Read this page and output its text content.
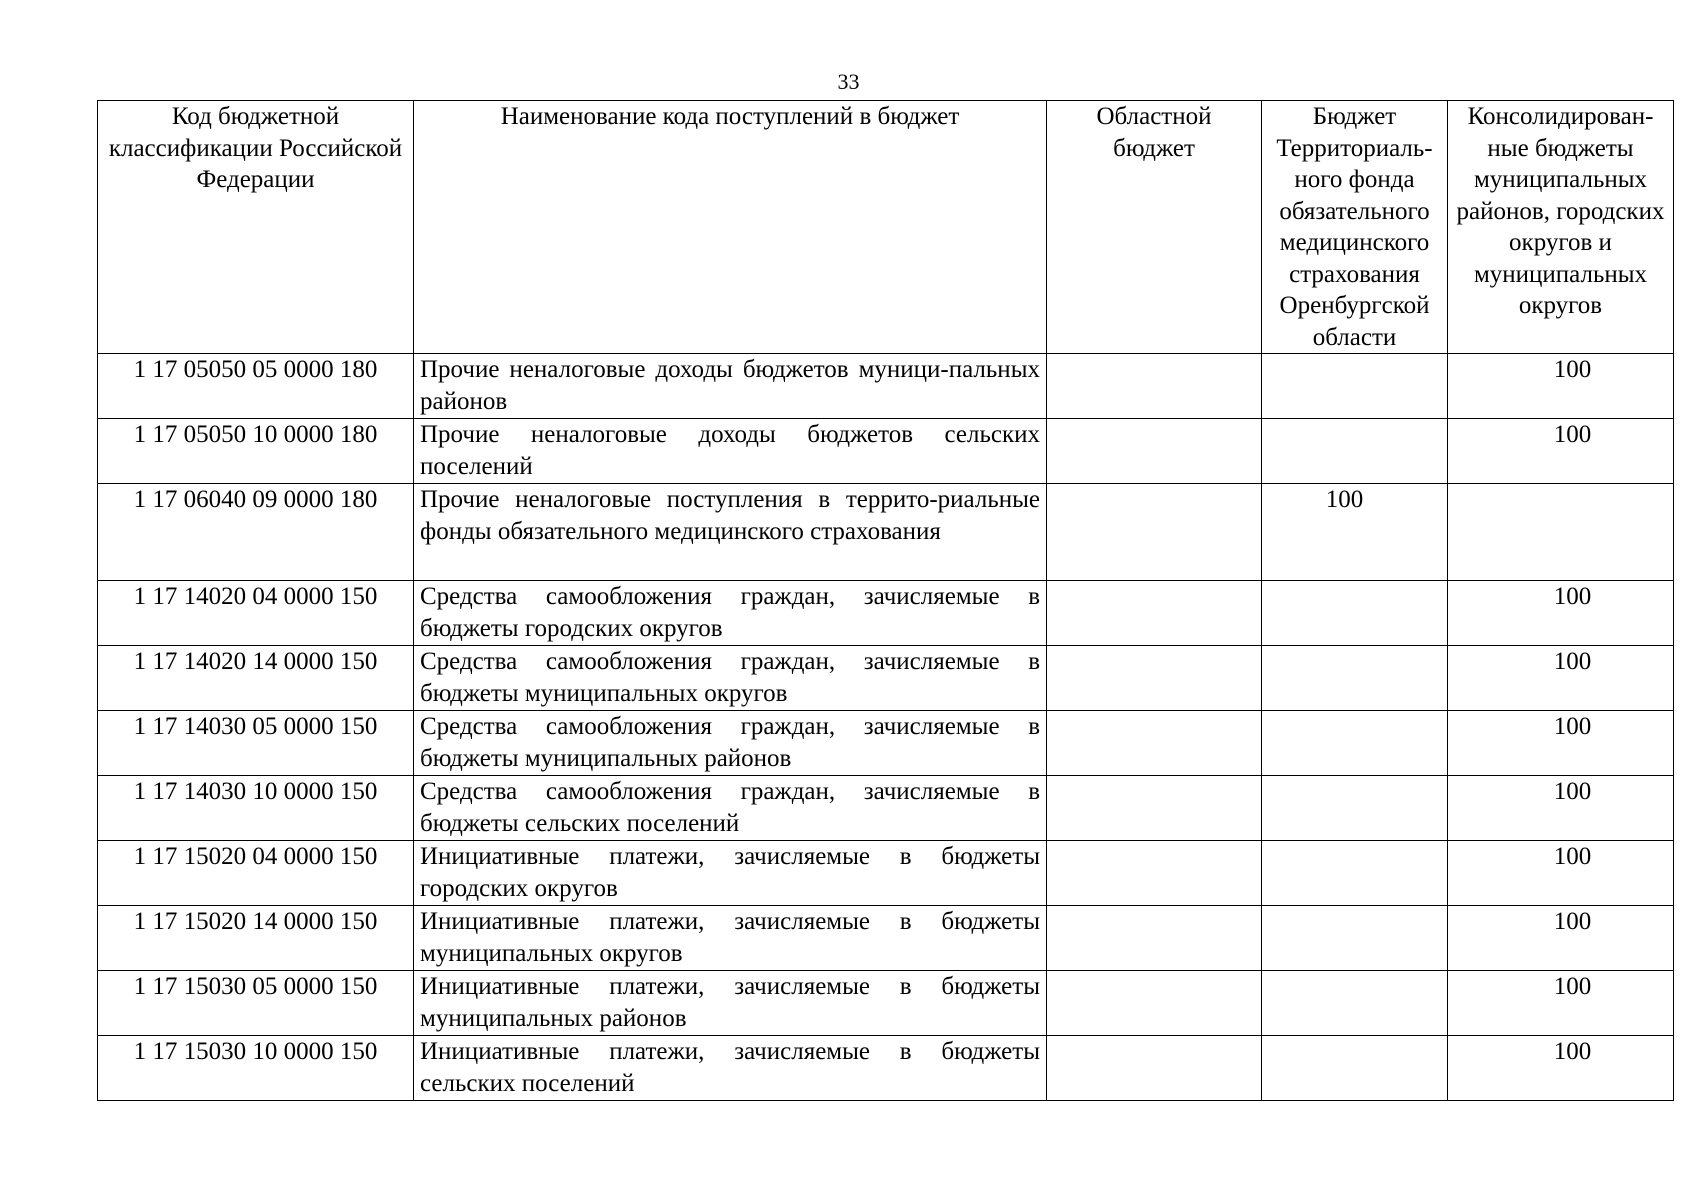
33
Код бюджетной классификации Российской Федерации	Наименование кода поступлений в бюджет	Областной бюджет	Бюджет Территориаль-ного фонда обязательного медицинского страхования Оренбургской области	Консолидирован-ные бюджеты муниципальных районов, городских округов и муниципальных округов
1 17 05050 05 0000 180	Прочие неналоговые доходы бюджетов муници-пальных районов			100

1 17 05050 10 0000 180	Прочие неналоговые доходы бюджетов сельских поселений			100

1 17 06040 09 0000 180	Прочие неналоговые поступления в террито-риальные фонды обязательного медицинского страхования		100	

1 17 14020 04 0000 150	Средства самообложения граждан, зачисляемые в бюджеты городских округов			100

1 17 14020 14 0000 150	Средства самообложения граждан, зачисляемые в бюджеты муниципальных округов			100

1 17 14030 05 0000 150	Средства самообложения граждан, зачисляемые в бюджеты муниципальных районов			100

1 17 14030 10 0000 150	Средства самообложения граждан, зачисляемые в бюджеты сельских поселений			100

1 17 15020 04 0000 150	Инициативные платежи, зачисляемые в бюджеты городских округов			100

1 17 15020 14 0000 150	Инициативные платежи, зачисляемые в бюджеты муниципальных округов			100

1 17 15030 05 0000 150	Инициативные платежи, зачисляемые в бюджеты муниципальных районов			100

1 17 15030 10 0000 150	Инициативные платежи, зачисляемые в бюджеты сельских поселений			100
